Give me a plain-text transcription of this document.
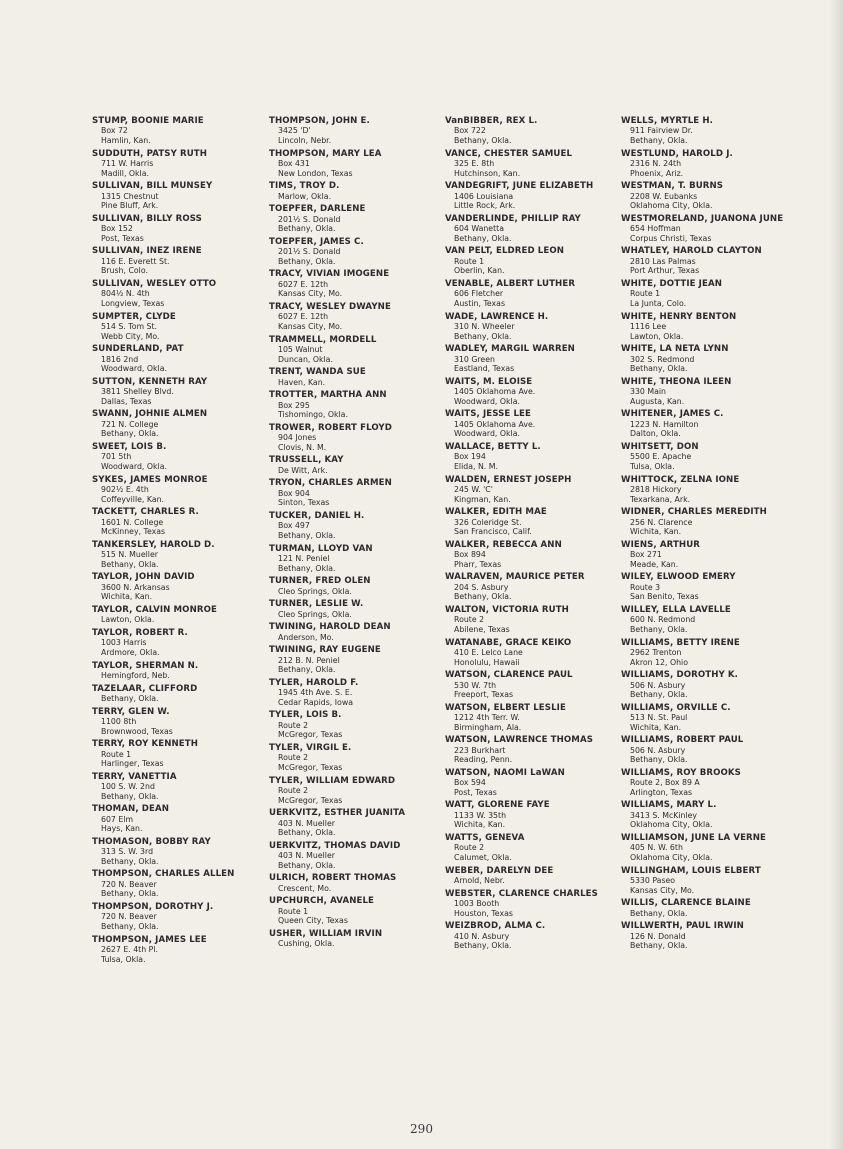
STUMP, BOONIE MARIE
Box 72
Hamlin, Kan.
SUDDUTH, PATSY RUTH
711 W. Harris
Madill, Okla.
SULLIVAN, BILL MUNSEY
1315 Chestnut
Pine Bluff, Ark.
SULLIVAN, BILLY ROSS
Box 152
Post, Texas
SULLIVAN, INEZ IRENE
116 E. Everett St.
Brush, Colo.
SULLIVAN, WESLEY OTTO
804½ N. 4th
Longview, Texas
SUMPTER, CLYDE
514 S. Tom St.
Webb City, Mo.
SUNDERLAND, PAT
1816 2nd
Woodward, Okla.
SUTTON, KENNETH RAY
3811 Shelley Blvd.
Dallas, Texas
SWANN, JOHNIE ALMEN
721 N. College
Bethany, Okla.
SWEET, LOIS B.
701 5th
Woodward, Okla.
SYKES, JAMES MONROE
902½ E. 4th
Coffeyville, Kan.
TACKETT, CHARLES R.
1601 N. College
McKinney, Texas
TANKERSLEY, HAROLD D.
515 N. Mueller
Bethany, Okla.
TAYLOR, JOHN DAVID
3600 N. Arkansas
Wichita, Kan.
TAYLOR, CALVIN MONROE
Lawton, Okla.
TAYLOR, ROBERT R.
1003 Harris
Ardmore, Okla.
TAYLOR, SHERMAN N.
Hemingford, Neb.
TAZELAAR, CLIFFORD
Bethany, Okla.
TERRY, GLEN W.
1100 8th
Brownwood, Texas
TERRY, ROY KENNETH
Route 1
Harlinger, Texas
TERRY, VANETTIA
100 S. W. 2nd
Bethany, Okla.
THOMAN, DEAN
607 Elm
Hays, Kan.
THOMASON, BOBBY RAY
313 S. W. 3rd
Bethany, Okla.
THOMPSON, CHARLES ALLEN
720 N. Beaver
Bethany, Okla.
THOMPSON, DOROTHY J.
720 N. Beaver
Bethany, Okla.
THOMPSON, JAMES LEE
2627 E. 4th Pl.
Tulsa, Okla.
THOMPSON, JOHN E.
3425 'D'
Lincoln, Nebr.
THOMPSON, MARY LEA
Box 431
New London, Texas
TIMS, TROY D.
Marlow, Okla.
TOEPFER, DARLENE
201½ S. Donald
Bethany, Okla.
TOEPFER, JAMES C.
201½ S. Donald
Bethany, Okla.
TRACY, VIVIAN IMOGENE
6027 E. 12th
Kansas City, Mo.
TRACY, WESLEY DWAYNE
6027 E. 12th
Kansas City, Mo.
TRAMMELL, MORDELL
105 Walnut
Duncan, Okla.
TRENT, WANDA SUE
Haven, Kan.
TROTTER, MARTHA ANN
Box 295
Tishomingo, Okla.
TROWER, ROBERT FLOYD
904 Jones
Clovis, N. M.
TRUSSELL, KAY
De Witt, Ark.
TRYON, CHARLES ARMEN
Box 904
Sinton, Texas
TUCKER, DANIEL H.
Box 497
Bethany, Okla.
TURMAN, LLOYD VAN
121 N. Peniel
Bethany, Okla.
TURNER, FRED OLEN
Cleo Springs, Okla.
TURNER, LESLIE W.
Cleo Springs, Okla.
TWINING, HAROLD DEAN
Anderson, Mo.
TWINING, RAY EUGENE
212 B. N. Peniel
Bethany, Okla.
TYLER, HAROLD F.
1945 4th Ave. S. E.
Cedar Rapids, Iowa
TYLER, LOIS B.
Route 2
McGregor, Texas
TYLER, VIRGIL E.
Route 2
McGregor, Texas
TYLER, WILLIAM EDWARD
Route 2
McGregor, Texas
UERKVITZ, ESTHER JUANITA
403 N. Mueller
Bethany, Okla.
UERKVITZ, THOMAS DAVID
403 N. Mueller
Bethany, Okla.
ULRICH, ROBERT THOMAS
Crescent, Mo.
UPCHURCH, AVANELE
Route 1
Queen City, Texas
USHER, WILLIAM IRVIN
Cushing, Okla.
VanBIBBER, REX L.
Box 722
Bethany, Okla.
VANCE, CHESTER SAMUEL
325 E. 8th
Hutchinson, Kan.
VANDEGRIFT, JUNE ELIZABETH
1406 Louisiana
Little Rock, Ark.
VANDERLINDE, PHILLIP RAY
604 Wanetta
Bethany, Okla.
VAN PELT, ELDRED LEON
Route 1
Oberlin, Kan.
VENABLE, ALBERT LUTHER
606 Fletcher
Austin, Texas
WADE, LAWRENCE H.
310 N. Wheeler
Bethany, Okla.
WADLEY, MARGIL WARREN
310 Green
Eastland, Texas
WAITS, M. ELOISE
1405 Oklahoma Ave.
Woodward, Okla.
WAITS, JESSE LEE
1405 Oklahoma Ave.
Woodward, Okla.
WALLACE, BETTY L.
Box 194
Elida, N. M.
WALDEN, ERNEST JOSEPH
245 W. 'C'
Kingman, Kan.
WALKER, EDITH MAE
326 Coleridge St.
San Francisco, Calif.
WALKER, REBECCA ANN
Box 894
Pharr, Texas
WALRAVEN, MAURICE PETER
204 S. Asbury
Bethany, Okla.
WALTON, VICTORIA RUTH
Route 2
Abilene, Texas
WATANABE, GRACE KEIKO
410 E. Lelco Lane
Honolulu, Hawaii
WATSON, CLARENCE PAUL
530 W. 7th
Freeport, Texas
WATSON, ELBERT LESLIE
1212 4th Terr. W.
Birmingham, Ala.
WATSON, LAWRENCE THOMAS
223 Burkhart
Reading, Penn.
WATSON, NAOMI LaWAN
Box 594
Post, Texas
WATT, GLORENE FAYE
1133 W. 35th
Wichita, Kan.
WATTS, GENEVA
Route 2
Calumet, Okla.
WEBER, DARELYN DEE
Arnold, Nebr.
WEBSTER, CLARENCE CHARLES
1003 Booth
Houston, Texas
WEIZBROD, ALMA C.
410 N. Asbury
Bethany, Okla.
WELLS, MYRTLE H.
911 Fairview Dr.
Bethany, Okla.
WESTLUND, HAROLD J.
2316 N. 24th
Phoenix, Ariz.
WESTMAN, T. BURNS
2208 W. Eubanks
Oklahoma City, Okla.
WESTMORELAND, JUANONA JUNE
654 Hoffman
Corpus Christi, Texas
WHATLEY, HAROLD CLAYTON
2810 Las Palmas
Port Arthur, Texas
WHITE, DOTTIE JEAN
Route 1
La Junta, Colo.
WHITE, HENRY BENTON
1116 Lee
Lawton, Okla.
WHITE, LA NETA LYNN
302 S. Redmond
Bethany, Okla.
WHITE, THEONA ILEEN
330 Main
Augusta, Kan.
WHITENER, JAMES C.
1223 N. Hamilton
Dalton, Okla.
WHITSETT, DON
5500 E. Apache
Tulsa, Okla.
WHITTOCK, ZELNA IONE
2818 Hickory
Texarkana, Ark.
WIDNER, CHARLES MEREDITH
256 N. Clarence
Wichita, Kan.
WIENS, ARTHUR
Box 271
Meade, Kan.
WILEY, ELWOOD EMERY
Route 3
San Benito, Texas
WILLEY, ELLA LAVELLE
600 N. Redmond
Bethany, Okla.
WILLIAMS, BETTY IRENE
2962 Trenton
Akron 12, Ohio
WILLIAMS, DOROTHY K.
506 N. Asbury
Bethany, Okla.
WILLIAMS, ORVILLE C.
513 N. St. Paul
Wichita, Kan.
WILLIAMS, ROBERT PAUL
506 N. Asbury
Bethany, Okla.
WILLIAMS, ROY BROOKS
Route 2, Box 89 A
Arlington, Texas
WILLIAMS, MARY L.
3413 S. McKinley
Oklahoma City, Okla.
WILLIAMSON, JUNE LA VERNE
405 N. W. 6th
Oklahoma City, Okla.
WILLINGHAM, LOUIS ELBERT
5330 Paseo
Kansas City, Mo.
WILLIS, CLARENCE BLAINE
Bethany, Okla.
WILLWERTH, PAUL IRWIN
126 N. Donald
Bethany, Okla.
290
